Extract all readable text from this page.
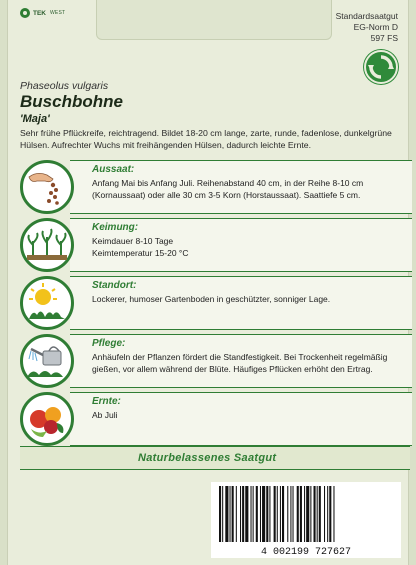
TEK WEST	Standardsaatgut
EG-Norm D
597 FS
Phaseolus vulgaris
Buschbohne
'Maja'
Sehr frühe Pflückreife, reichtragend. Bildet 18-20 cm lange, zarte, runde, fadenlose, dunkelgrüne Hülsen. Aufrechter Wuchs mit freihängenden Hülsen, dadurch leichte Ernte.
Aussaat:
Anfang Mai bis Anfang Juli. Reihenabstand 40 cm, in der Reihe 8-10 cm (Kornaussaat) oder alle 30 cm 3-5 Korn (Horstaussaat). Saattiefe 5 cm.
Keimung:
Keimdauer 8-10 Tage
Keimtemperatur 15-20 °C
Standort:
Lockerer, humoser Gartenboden in geschützter, sonniger Lage.
Pflege:
Anhäufeln der Pflanzen fördert die Standfestigkeit. Bei Trockenheit regelmäßig gießen, vor allem während der Blüte. Häufiges Pflücken erhöht den Ertrag.
Ernte:
Ab Juli
Naturbelassenes Saatgut
4 002199 727627
